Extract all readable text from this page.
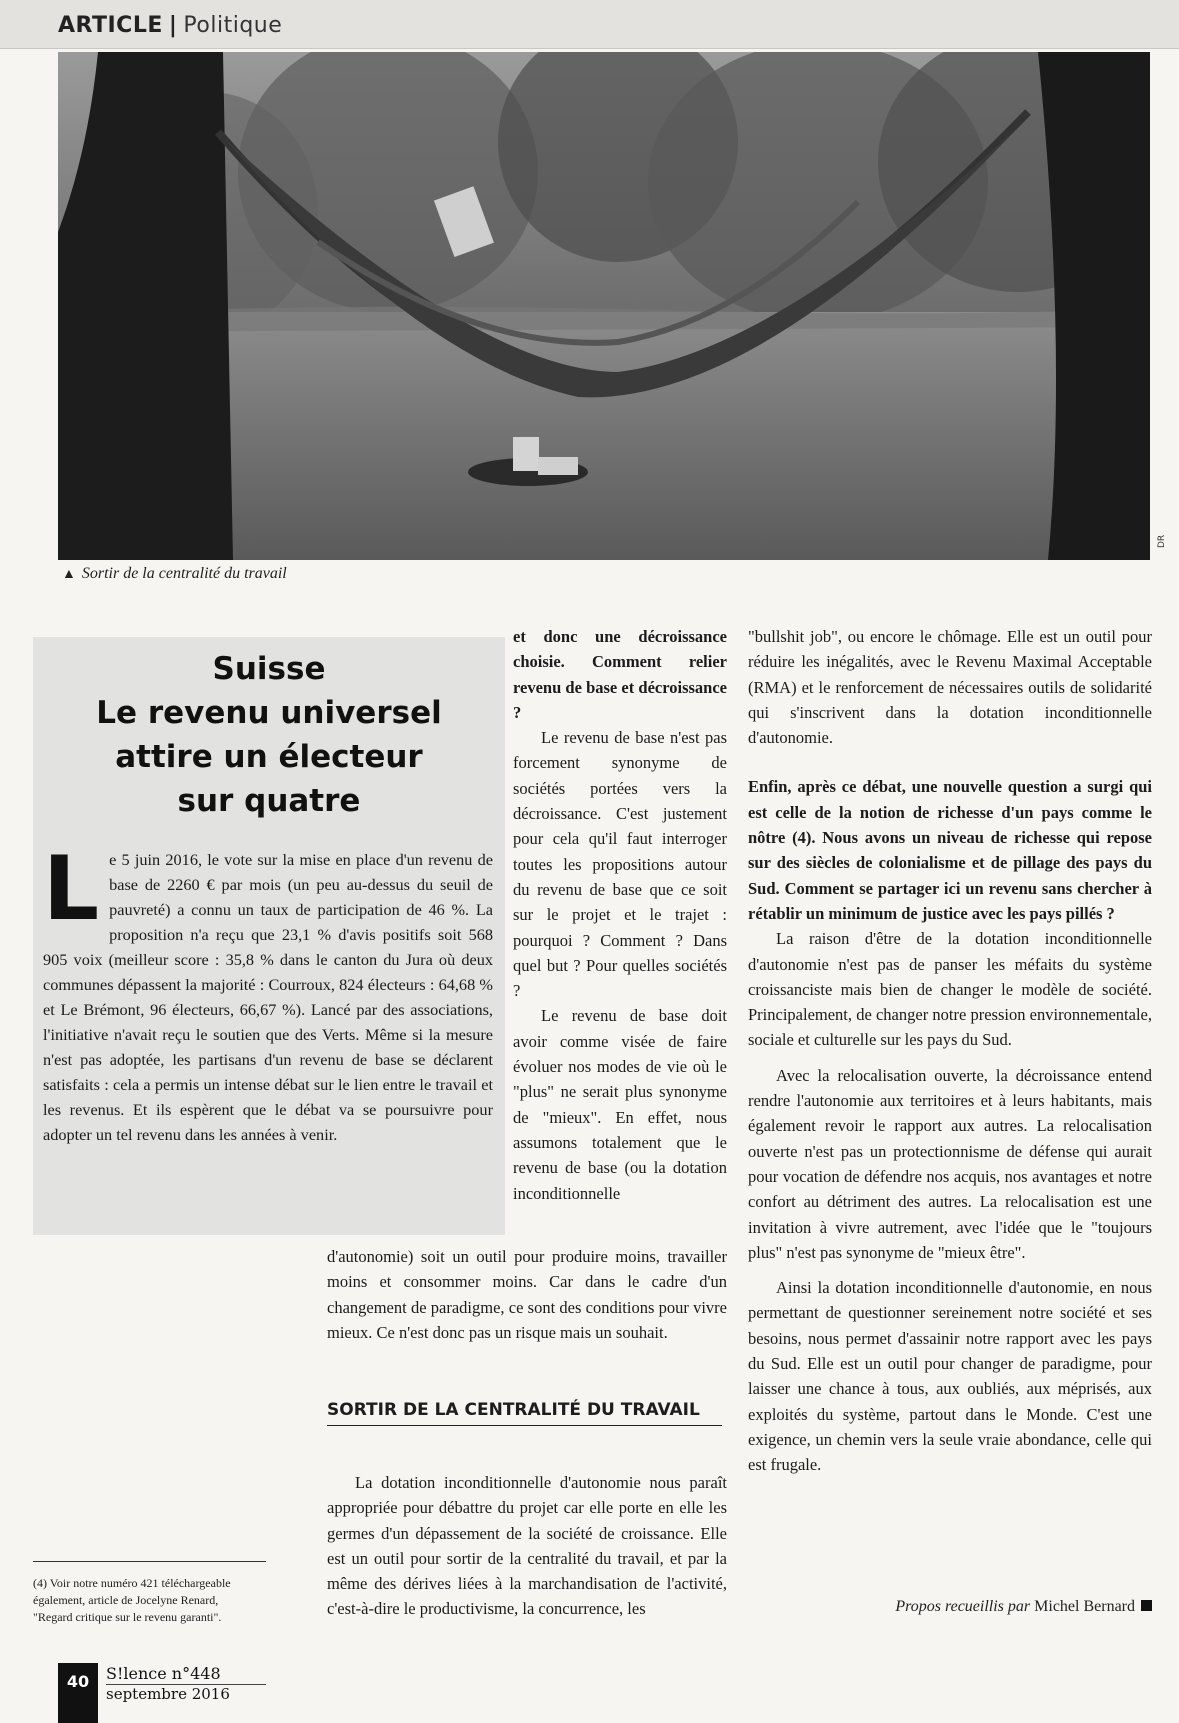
ARTICLE | Politique
DR
▲ Sortir de la centralité du travail
Suisse
Le revenu universel
attire un électeur
sur quatre
Le 5 juin 2016, le vote sur la mise en place d'un revenu de base de 2260 € par mois (un peu au-dessus du seuil de pauvreté) a connu un taux de participation de 46 %. La proposition n'a reçu que 23,1 % d'avis positifs soit 568 905 voix (meilleur score : 35,8 % dans le canton du Jura où deux communes dépassent la majorité : Courroux, 824 électeurs : 64,68 % et Le Brémont, 96 électeurs, 66,67 %). Lancé par des associations, l'initiative n'avait reçu le soutien que des Verts. Même si la mesure n'est pas adoptée, les partisans d'un revenu de base se déclarent satisfaits : cela a permis un intense débat sur le lien entre le travail et les revenus. Et ils espèrent que le débat va se poursuivre pour adopter un tel revenu dans les années à venir.

et donc une décroissance choisie. Comment relier revenu de base et décroissance ?

Le revenu de base n'est pas forcement synonyme de sociétés portées vers la décroissance. C'est justement pour cela qu'il faut interroger toutes les propositions autour du revenu de base que ce soit sur le projet et le trajet : pourquoi ? Comment ? Dans quel but ? Pour quelles sociétés ?

Le revenu de base doit avoir comme visée de faire évoluer nos modes de vie où le "plus" ne serait plus synonyme de "mieux". En effet, nous assumons totalement que le revenu de base (ou la dotation inconditionnelle

d'autonomie) soit un outil pour produire moins, travailler moins et consommer moins. Car dans le cadre d'un changement de paradigme, ce sont des conditions pour vivre mieux. Ce n'est donc pas un risque mais un souhait.

SORTIR DE LA CENTRALITÉ DU TRAVAIL

La dotation inconditionnelle d'autonomie nous paraît appropriée pour débattre du projet car elle porte en elle les germes d'un dépassement de la société de croissance. Elle est un outil pour sortir de la centralité du travail, et par la même des dérives liées à la marchandisation de l'activité, c'est-à-dire le productivisme, la concurrence, les

"bullshit job", ou encore le chômage. Elle est un outil pour réduire les inégalités, avec le Revenu Maximal Acceptable (RMA) et le renforcement de nécessaires outils de solidarité qui s'inscrivent dans la dotation inconditionnelle d'autonomie.

Enfin, après ce débat, une nouvelle question a surgi qui est celle de la notion de richesse d'un pays comme le nôtre (4). Nous avons un niveau de richesse qui repose sur des siècles de colonialisme et de pillage des pays du Sud. Comment se partager ici un revenu sans chercher à rétablir un minimum de justice avec les pays pillés ?

La raison d'être de la dotation inconditionnelle d'autonomie n'est pas de panser les méfaits du système croissanciste mais bien de changer le modèle de société. Principalement, de changer notre pression environnementale, sociale et culturelle sur les pays du Sud.

Avec la relocalisation ouverte, la décroissance entend rendre l'autonomie aux territoires et à leurs habitants, mais également revoir le rapport aux autres. La relocalisation ouverte n'est pas un protectionnisme de défense qui aurait pour vocation de défendre nos acquis, nos avantages et notre confort au détriment des autres. La relocalisation est une invitation à vivre autrement, avec l'idée que le "toujours plus" n'est pas synonyme de "mieux être".

Ainsi la dotation inconditionnelle d'autonomie, en nous permettant de questionner sereinement notre société et ses besoins, nous permet d'assainir notre rapport avec les pays du Sud. Elle est un outil pour changer de paradigme, pour laisser une chance à tous, aux oubliés, aux méprisés, aux exploités du système, partout dans le Monde. C'est une exigence, un chemin vers la seule vraie abondance, celle qui est frugale.

Propos recueillis par Michel Bernard
(4) Voir notre numéro 421 téléchargeable également, article de Jocelyne Renard, "Regard critique sur le revenu garanti".
40	S!lence n°448
septembre 2016
